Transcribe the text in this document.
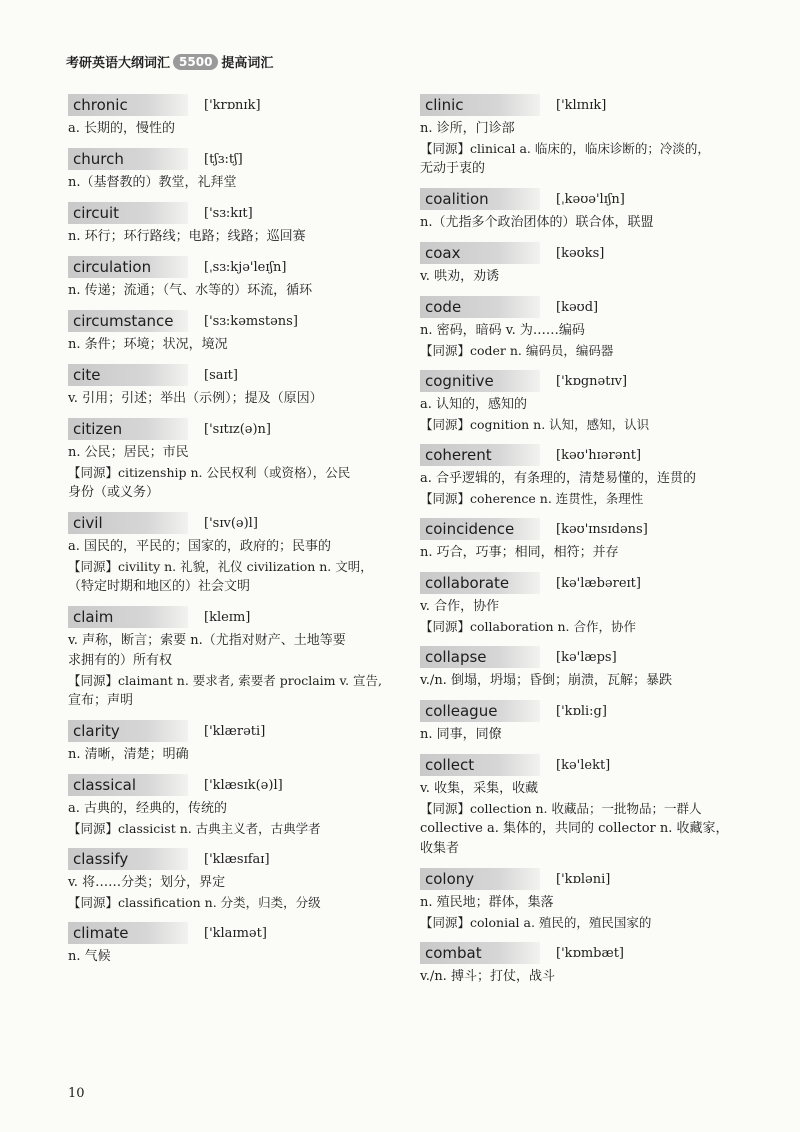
考研英语大纲词汇 5500 提高词汇
chronic	['krɒnɪk]
a. 长期的，慢性的
church	[tʃɜ:tʃ]
n.（基督教的）教堂，礼拜堂
circuit	['sɜ:kɪt]
n. 环行；环行路线；电路；线路；巡回赛
circulation	[ˌsɜ:kjə'leɪʃn]
n. 传递；流通；（气、水等的）环流，循环
circumstance	['sɜ:kəmstəns]
n. 条件；环境；状况，境况
cite	[saɪt]
v. 引用；引述；举出（示例）；提及（原因）
citizen	['sɪtɪz(ə)n]
n. 公民；居民；市民
【同源】citizenship n. 公民权利（或资格），公民
身份（或义务）
civil	['sɪv(ə)l]
a. 国民的，平民的；国家的，政府的；民事的
【同源】civility n. 礼貌，礼仪 civilization n. 文明，
（特定时期和地区的）社会文明
claim	[kleɪm]
v. 声称，断言；索要 n.（尤指对财产、土地等要
求拥有的）所有权
【同源】claimant n. 要求者, 索要者 proclaim v. 宣告,
宣布；声明
clarity	['klærəti]
n. 清晰，清楚；明确
classical	['klæsɪk(ə)l]
a. 古典的，经典的，传统的
【同源】classicist n. 古典主义者，古典学者
classify	['klæsɪfaɪ]
v. 将……分类；划分，界定
【同源】classification n. 分类，归类，分级
climate	['klaɪmət]
n. 气候
clinic	['klɪnɪk]
n. 诊所，门诊部
【同源】clinical a. 临床的，临床诊断的；冷淡的，
无动于衷的
coalition	[ˌkəʊə'lɪʃn]
n.（尤指多个政治团体的）联合体，联盟
coax	[kəʊks]
v. 哄劝，劝诱
code	[kəʊd]
n. 密码，暗码 v. 为……编码
【同源】coder n. 编码员，编码器
cognitive	['kɒgnətɪv]
a. 认知的，感知的
【同源】cognition n. 认知，感知，认识
coherent	[kəʊ'hɪərənt]
a. 合乎逻辑的，有条理的，清楚易懂的，连贯的
【同源】coherence n. 连贯性，条理性
coincidence	[kəʊ'ɪnsɪdəns]
n. 巧合，巧事；相同，相符；并存
collaborate	[kə'læbəreɪt]
v. 合作，协作
【同源】collaboration n. 合作，协作
collapse	[kə'læps]
v./n. 倒塌，坍塌；昏倒；崩溃，瓦解；暴跌
colleague	['kɒli:g]
n. 同事，同僚
collect	[kə'lekt]
v. 收集，采集，收藏
【同源】collection n. 收藏品；一批物品；一群人
collective a. 集体的，共同的 collector n. 收藏家，
收集者
colony	['kɒləni]
n. 殖民地；群体，集落
【同源】colonial a. 殖民的，殖民国家的
combat	['kɒmbæt]
v./n. 搏斗；打仗，战斗
10
